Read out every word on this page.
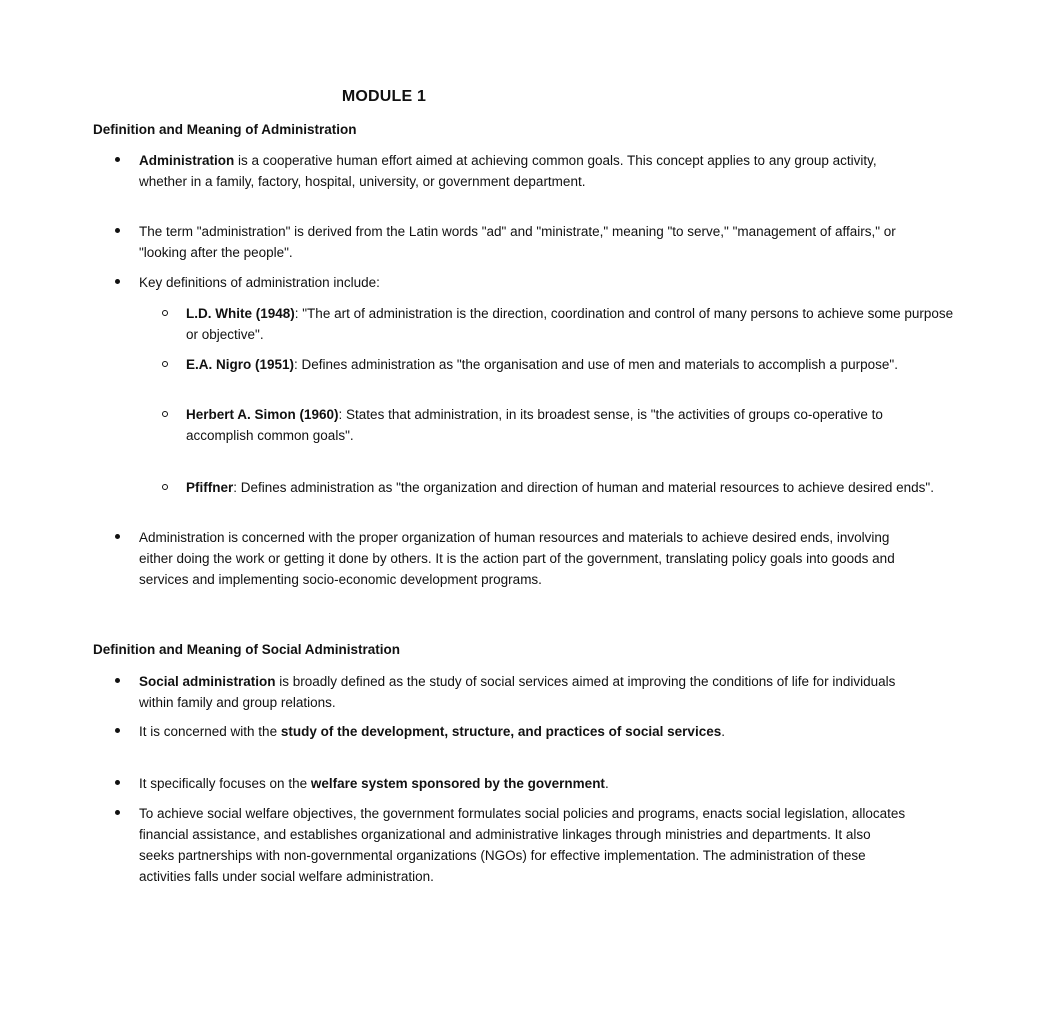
MODULE 1
Definition and Meaning of Administration
Administration is a cooperative human effort aimed at achieving common goals. This concept applies to any group activity, whether in a family, factory, hospital, university, or government department.
The term "administration" is derived from the Latin words "ad" and "ministrate," meaning "to serve," "management of affairs," or "looking after the people".
Key definitions of administration include:
L.D. White (1948): "The art of administration is the direction, coordination and control of many persons to achieve some purpose or objective".
E.A. Nigro (1951): Defines administration as "the organisation and use of men and materials to accomplish a purpose".
Herbert A. Simon (1960): States that administration, in its broadest sense, is "the activities of groups co-operative to accomplish common goals".
Pfiffner: Defines administration as "the organization and direction of human and material resources to achieve desired ends".
Administration is concerned with the proper organization of human resources and materials to achieve desired ends, involving either doing the work or getting it done by others. It is the action part of the government, translating policy goals into goods and services and implementing socio-economic development programs.
Definition and Meaning of Social Administration
Social administration is broadly defined as the study of social services aimed at improving the conditions of life for individuals within family and group relations.
It is concerned with the study of the development, structure, and practices of social services.
It specifically focuses on the welfare system sponsored by the government.
To achieve social welfare objectives, the government formulates social policies and programs, enacts social legislation, allocates financial assistance, and establishes organizational and administrative linkages through ministries and departments. It also seeks partnerships with non-governmental organizations (NGOs) for effective implementation. The administration of these activities falls under social welfare administration.
